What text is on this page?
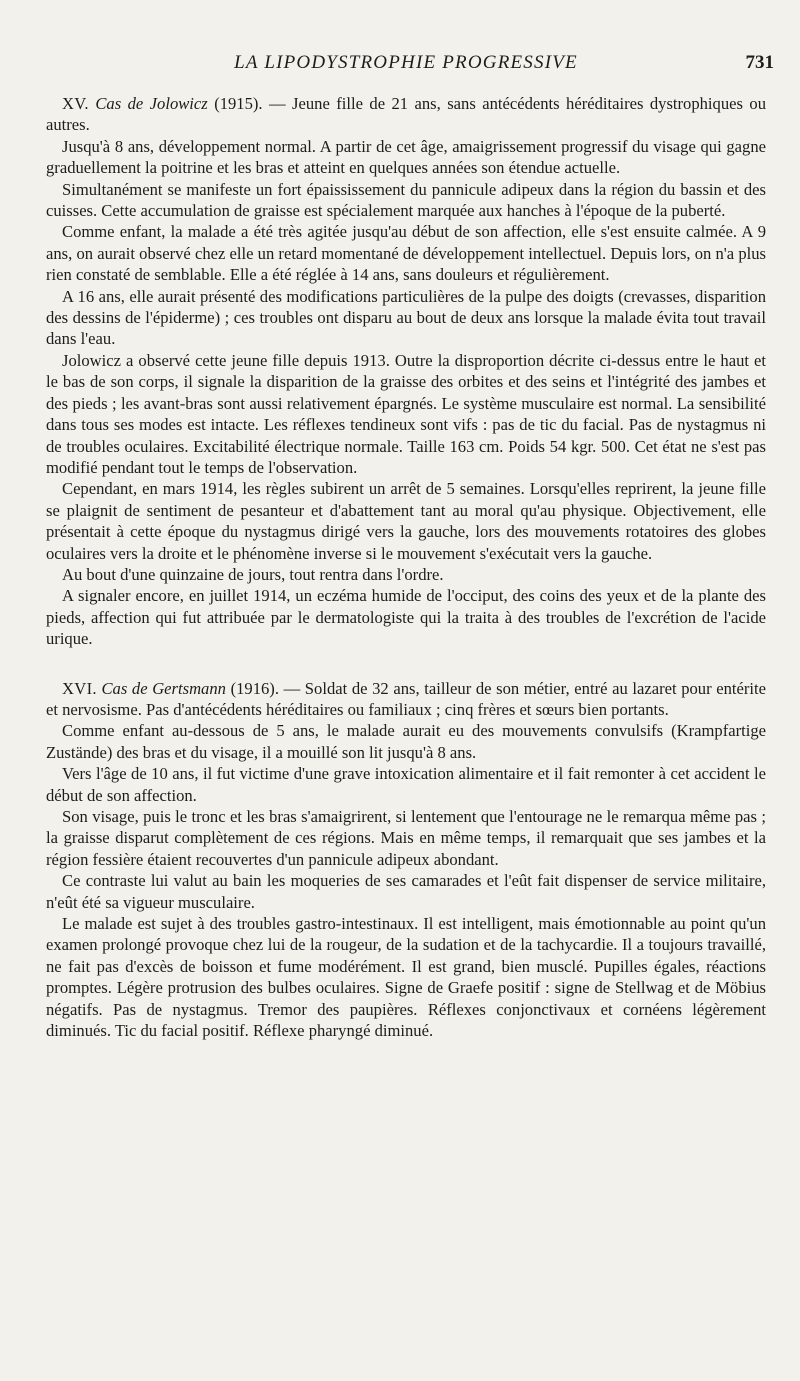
LA LIPODYSTROPHIE PROGRESSIVE	731

XV. Cas de Jolowicz (1915). — Jeune fille de 21 ans, sans antécédents héréditaires dystrophiques ou autres.

Jusqu'à 8 ans, développement normal. A partir de cet âge, amaigrissement progressif du visage qui gagne graduellement la poitrine et les bras et atteint en quelques années son étendue actuelle.

Simultanément se manifeste un fort épaississement du pannicule adipeux dans la région du bassin et des cuisses. Cette accumulation de graisse est spécialement marquée aux hanches à l'époque de la puberté.

Comme enfant, la malade a été très agitée jusqu'au début de son affection, elle s'est ensuite calmée. A 9 ans, on aurait observé chez elle un retard momentané de développement intellectuel. Depuis lors, on n'a plus rien constaté de semblable. Elle a été réglée à 14 ans, sans douleurs et régulièrement.

A 16 ans, elle aurait présenté des modifications particulières de la pulpe des doigts (crevasses, disparition des dessins de l'épiderme) ; ces troubles ont disparu au bout de deux ans lorsque la malade évita tout travail dans l'eau.

Jolowicz a observé cette jeune fille depuis 1913. Outre la disproportion décrite ci-dessus entre le haut et le bas de son corps, il signale la disparition de la graisse des orbites et des seins et l'intégrité des jambes et des pieds ; les avant-bras sont aussi relativement épargnés. Le système musculaire est normal. La sensibilité dans tous ses modes est intacte. Les réflexes tendineux sont vifs : pas de tic du facial. Pas de nystagmus ni de troubles oculaires. Excitabilité électrique normale. Taille 163 cm. Poids 54 kgr. 500. Cet état ne s'est pas modifié pendant tout le temps de l'observation.

Cependant, en mars 1914, les règles subirent un arrêt de 5 semaines. Lorsqu'elles reprirent, la jeune fille se plaignit de sentiment de pesanteur et d'abattement tant au moral qu'au physique. Objectivement, elle présentait à cette époque du nystagmus dirigé vers la gauche, lors des mouvements rotatoires des globes oculaires vers la droite et le phénomène inverse si le mouvement s'exécutait vers la gauche.

Au bout d'une quinzaine de jours, tout rentra dans l'ordre.

A signaler encore, en juillet 1914, un eczéma humide de l'occiput, des coins des yeux et de la plante des pieds, affection qui fut attribuée par le dermatologiste qui la traita à des troubles de l'excrétion de l'acide urique.

XVI. Cas de Gertsmann (1916). — Soldat de 32 ans, tailleur de son métier, entré au lazaret pour entérite et nervosisme. Pas d'antécédents héréditaires ou familiaux ; cinq frères et sœurs bien portants.

Comme enfant au-dessous de 5 ans, le malade aurait eu des mouvements convulsifs (Krampfartige Zustände) des bras et du visage, il a mouillé son lit jusqu'à 8 ans.

Vers l'âge de 10 ans, il fut victime d'une grave intoxication alimentaire et il fait remonter à cet accident le début de son affection.

Son visage, puis le tronc et les bras s'amaigrirent, si lentement que l'entourage ne le remarqua même pas ; la graisse disparut complètement de ces régions. Mais en même temps, il remarquait que ses jambes et la région fessière étaient recouvertes d'un pannicule adipeux abondant.

Ce contraste lui valut au bain les moqueries de ses camarades et l'eût fait dispenser de service militaire, n'eût été sa vigueur musculaire.

Le malade est sujet à des troubles gastro-intestinaux. Il est intelligent, mais émotionnable au point qu'un examen prolongé provoque chez lui de la rougeur, de la sudation et de la tachycardie. Il a toujours travaillé, ne fait pas d'excès de boisson et fume modérément. Il est grand, bien musclé. Pupilles égales, réactions promptes. Légère protrusion des bulbes oculaires. Signe de Graefe positif : signe de Stellwag et de Möbius négatifs. Pas de nystagmus. Tremor des paupières. Réflexes conjonctivaux et cornéens légèrement diminués. Tic du facial positif. Réflexe pharyngé diminué.
